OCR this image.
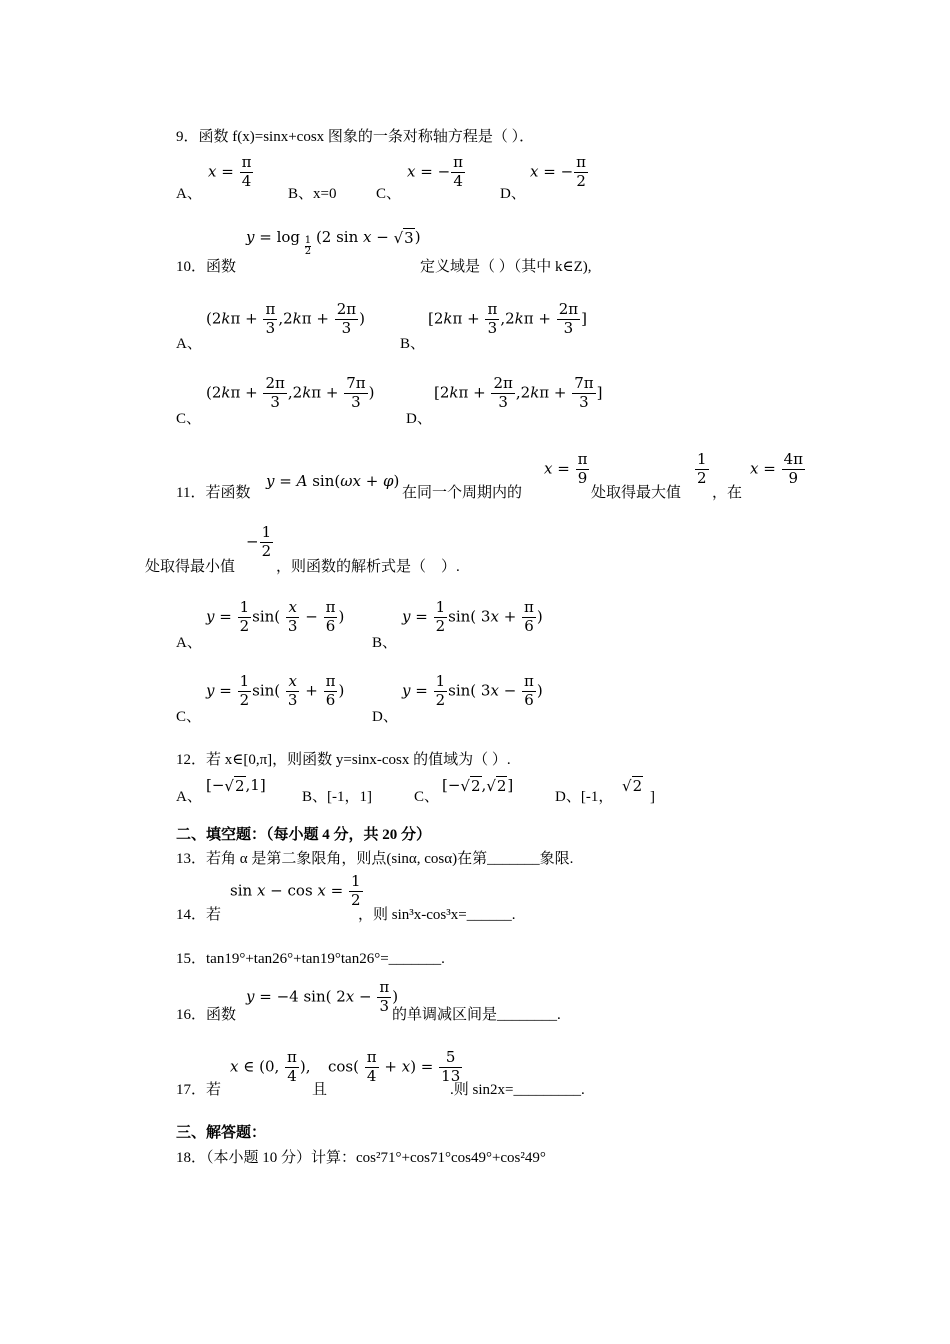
9．函数 f(x)=sinx+cosx 图象的一条对称轴方程是（ ）．
$x = \frac{\pi}{4}$
A、	B、x=0	C、
x = − $\frac{\pi}{4}$
D、
x = − $\frac{\pi}{2}$
$y = \log \frac{1}{2} (2$ sin x − √3)
10．函数	定义域是（ ）（其中 k∈Z),
A、
($2k\pi + \frac{\pi}{3} ,2k\pi + \frac{2\pi}{3}$ )
B、
[$2k\pi + \frac{\pi}{3} ,2k\pi + \frac{2\pi}{3}$ ]
C、
($2k\pi + \frac{2\pi}{3} ,2k\pi + \frac{7\pi}{3}$ )
D、
[$2k\pi + \frac{2\pi}{3} ,2k\pi + \frac{7\pi}{3}$ ]
11．若函数
y = A sin(ωx + φ)
在同一个周期内的
$x = \frac{\pi}{9}$
处取得最大值
$\frac{1}{2}$
，在
$x = \frac{4\pi}{9}$
处取得最小值
− $\frac{1}{2}$
，则函数的解析式是（　）.
A、
$y = \frac{1}{2} \sin( \frac{x}{3} - \frac{\pi}{6}$ )
B、
$y = \frac{1}{2} \sin$( $3x + \frac{\pi}{6}$ )
C、
$y = \frac{1}{2} \sin( \frac{x}{3} + \frac{\pi}{6}$ )
D、
$y = \frac{1}{2} \sin$( $3x - \frac{\pi}{6}$ )
12．若 x∈[0,π]，则函数 y=sinx-cosx 的值域为（ ）.
A、
[−√2,1]
B、[-1，1]	C、
[−√2,√2]
D、[-1，
√2
]
二、填空题：（每小题 4 分，共 20 分）
13．若角 α 是第二象限角，则点(sinα, cosα)在第_______象限.
$\sin x - \cos x = \frac{1}{2}$
14．若	，则 sin³x-cos³x=______.
15．tan19°+tan26°+tan19°tan26°=_______.
y = −4 sin( $2x - \frac{\pi}{3}$ )
16．函数	的单调减区间是________.
x ∈ (0, $\frac{\pi}{4}$ ),
17．若	且
$\cos( \frac{\pi}{4} + x) = \frac{5}{13}$
.则 sin2x=_________.
三、解答题：
18．（本小题 10 分）计算：cos²71°+cos71°cos49°+cos²49°
